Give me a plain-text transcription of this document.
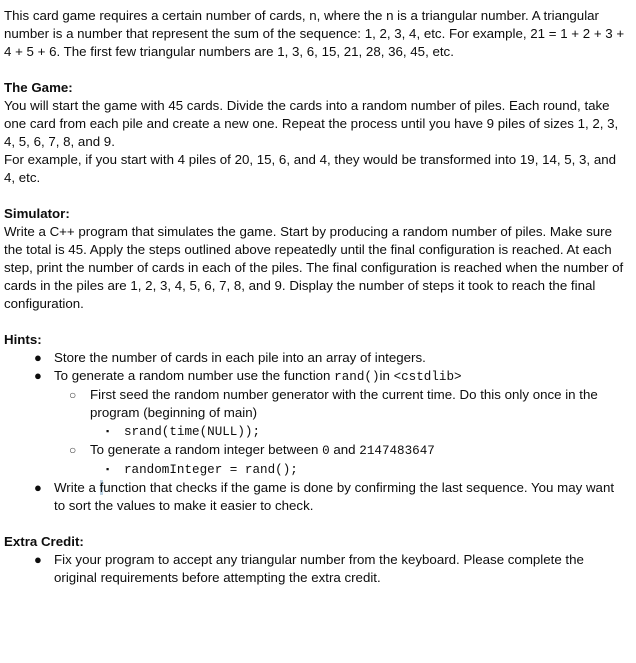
This card game requires a certain number of cards, n, where the n is a triangular number. A triangular number is a number that represent the sum of the sequence: 1, 2, 3, 4, etc. For example, 21 = 1 + 2 + 3 + 4 + 5 + 6. The first few triangular numbers are 1, 3, 6, 15, 21, 28, 36, 45, etc.

The Game:

You will start the game with 45 cards. Divide the cards into a random number of piles. Each round, take one card from each pile and create a new one. Repeat the process until you have 9 piles of sizes 1, 2, 3, 4, 5, 6, 7, 8, and 9.

For example, if you start with 4 piles of 20, 15, 6, and 4, they would be transformed into 19, 14, 5, 3, and 4, etc.

Simulator:

Write a C++ program that simulates the game. Start by producing a random number of piles. Make sure the total is 45. Apply the steps outlined above repeatedly until the final configuration is reached. At each step, print the number of cards in each of the piles. The final configuration is reached when the number of cards in the piles are 1, 2, 3, 4, 5, 6, 7, 8, and 9. Display the number of steps it took to reach the final configuration.

Hints:

● Store the number of cards in each pile into an array of integers.
● To generate a random number use the function rand()in <cstdlib>
○ First seed the random number generator with the current time. Do this only once in the program (beginning of main)
▪ srand(time(NULL));
○ To generate a random integer between 0 and 2147483647
▪ randomInteger = rand();
● Write a function that checks if the game is done by confirming the last sequence. You may want to sort the values to make it easier to check.

Extra Credit:

● Fix your program to accept any triangular number from the keyboard. Please complete the original requirements before attempting the extra credit.
